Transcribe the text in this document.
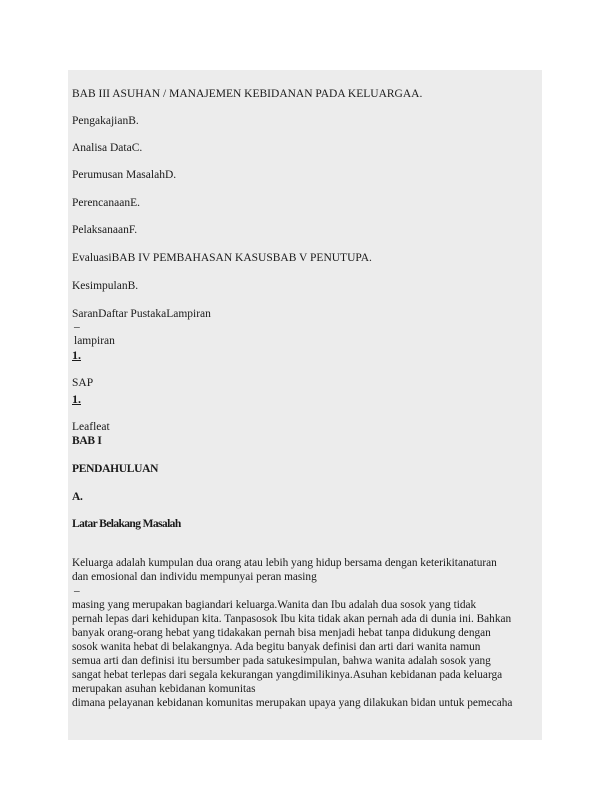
BAB III ASUHAN / MANAJEMEN KEBIDANAN PADA KELUARGAA.

PengakajianB.

Analisa DataC.

Perumusan MasalahD.

PerencanaanE.

PelaksanaanF.

EvaluasiBAB IV PEMBAHASAN KASUSBAB V PENUTUPA.

KesimpulanB.

SaranDaftar PustakaLampiran

–

lampiran

1.

SAP

1.

Leafleat

BAB I

PENDAHULUAN

A.

Latar Belakang Masalah

Keluarga adalah kumpulan dua orang atau lebih yang hidup bersama dengan keterikitanaturan

dan emosional dan individu mempunyai peran masing

–

masing yang merupakan bagiandari keluarga.Wanita dan Ibu adalah dua sosok yang tidak

pernah lepas dari kehidupan kita. Tanpasosok Ibu kita tidak akan pernah ada di dunia ini. Bahkan

banyak orang-orang hebat yang tidakakan pernah bisa menjadi hebat tanpa didukung dengan

sosok wanita hebat di belakangnya. Ada begitu banyak definisi dan arti dari wanita namun

semua arti dan definisi itu bersumber pada satukesimpulan, bahwa wanita adalah sosok yang

sangat hebat terlepas dari segala kekurangan yangdimilikinya.Asuhan kebidanan pada keluarga

merupakan asuhan kebidanan komunitas

dimana pelayanan kebidanan komunitas merupakan upaya yang dilakukan bidan untuk pemecaha
